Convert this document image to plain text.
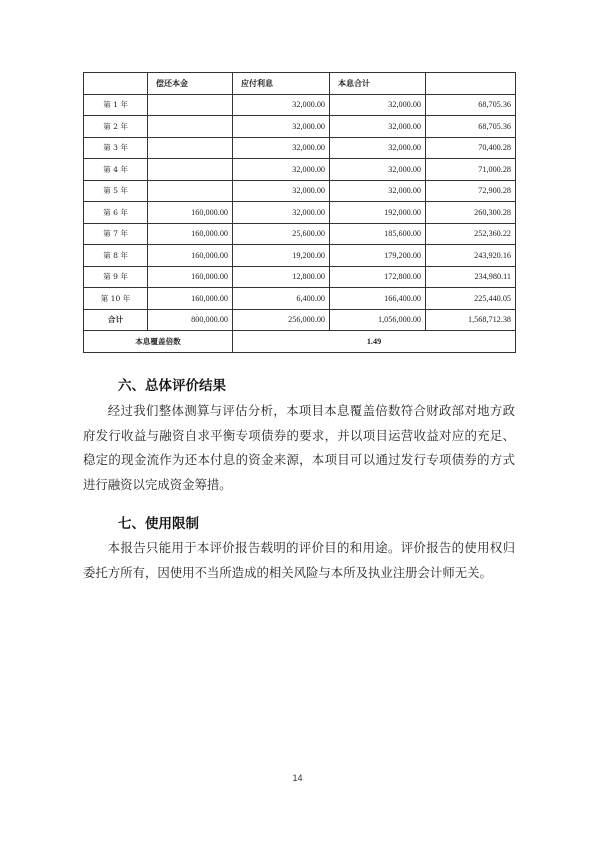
	偿还本金	应付利息	本息合计	
第 1 年		32,000.00	32,000.00	68,705.36
第 2 年		32,000.00	32,000.00	68,705.36
第 3 年		32,000.00	32,000.00	70,400.28
第 4 年		32,000.00	32,000.00	71,000.28
第 5 年		32,000.00	32,000.00	72,900.28
第 6 年	160,000.00	32,000.00	192,000.00	260,300.28
第 7 年	160,000.00	25,600.00	185,600.00	252,360.22
第 8 年	160,000.00	19,200.00	179,200.00	243,920.16
第 9 年	160,000.00	12,800.00	172,800.00	234,980.11
第 10 年	160,000.00	6,400.00	166,400.00	225,440.05
合计	800,000.00	256,000.00	1,056,000.00	1,568,712.38
本息覆盖倍数		1.49		
六、总体评价结果

经过我们整体测算与评估分析，本项目本息覆盖倍数符合财政部对地方政府发行收益与融资自求平衡专项债券的要求，并以项目运营收益对应的充足、稳定的现金流作为还本付息的资金来源，本项目可以通过发行专项债券的方式进行融资以完成资金筹措。

七、使用限制

本报告只能用于本评价报告载明的评价目的和用途。评价报告的使用权归委托方所有，因使用不当所造成的相关风险与本所及执业注册会计师无关。

14
